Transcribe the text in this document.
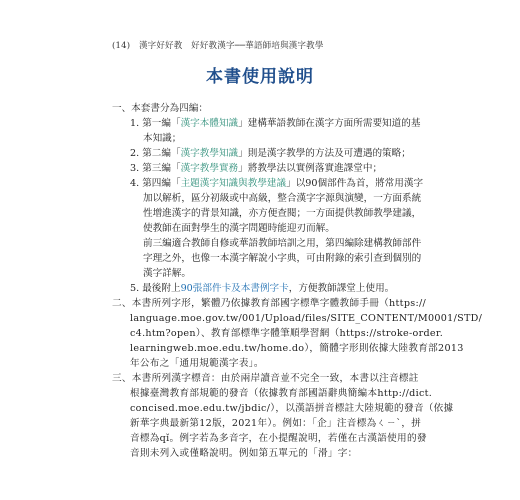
(14)　漢字好好教　好好教漢字──華語師培與漢字教學
本書使用說明
一、本套書分為四編：
1. 第一編「漢字本體知識」建構華語教師在漢字方面所需要知道的基
本知識；
2. 第二編「漢字教學知識」則是漢字教學的方法及可遭遇的策略；
3. 第三編「漢字教學實務」將教學法以實例落實進課堂中；
4. 第四編「主題漢字知識與教學建議」以90個部件為首，將常用漢字
加以解析，區分初級或中高級，整合漢字字源與演變，一方面系統
性增進漢字的背景知識，亦方便查閱；一方面提供教師教學建議，
使教師在面對學生的漢字問題時能迎刃而解。
前三編適合教師自修或華語教師培訓之用，第四編除建構教師部件
字理之外，也像一本漢字解說小字典，可由附錄的索引查到個別的
漢字詳解。
5. 最後附上90張部件卡及本書例字卡，方便教師課堂上使用。
二、本書所列字形，繁體乃依據教育部國字標準字體教師手冊（https://
language.moe.gov.tw/001/Upload/files/SITE_CONTENT/M0001/STD/
c4.htm?open）、教育部標準字體筆順學習網（https://stroke-order.
learningweb.moe.edu.tw/home.do），簡體字形則依據大陸教育部2013
年公布之「通用規範漢字表」。
三、本書所列漢字標音：由於兩岸讀音並不完全一致，本書以注音標註
根據臺灣教育部規範的發音（依據教育部國語辭典簡編本http://dict.
concised.moe.edu.tw/jbdic/），以漢語拼音標註大陸規範的發音（依據
新華字典最新第12版，2021年）。例如：「企」注音標為ㄑㄧˋ，拼
音標為qǐ。例字若為多音字，在小提醒說明，若僅在古漢語使用的發
音則未列入或僅略說明。例如第五單元的「滑」字：
